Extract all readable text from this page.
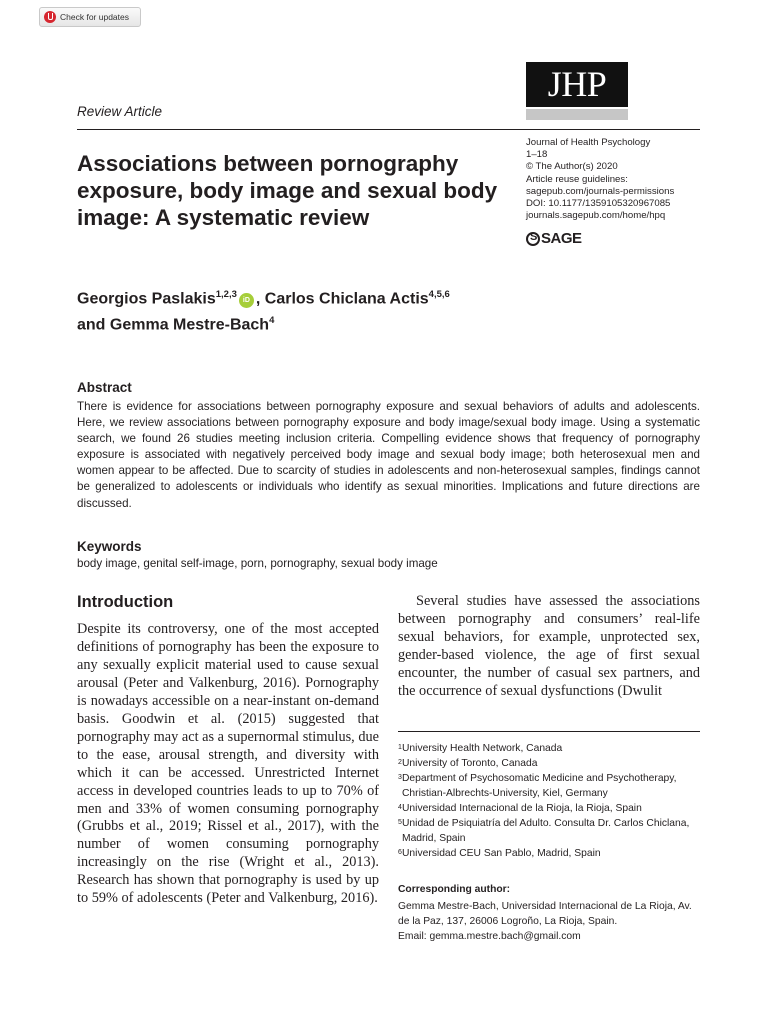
Check for updates
JHP
Review Article
Journal of Health Psychology
1–18
© The Author(s) 2020
Article reuse guidelines:
sagepub.com/journals-permissions
DOI: 10.1177/1359105320967085
journals.sagepub.com/home/hpq
S
SAGE
Associations between pornography exposure, body image and sexual body image: A systematic review
Georgios Paslakis$^{1,2,3}$iD , Carlos Chiclana Actis$^{4,5,6}$
and Gemma Mestre-Bach$^4$
Abstract
There is evidence for associations between pornography exposure and sexual behaviors of adults and adolescents. Here, we review associations between pornography exposure and body image/sexual body image. Using a systematic search, we found 26 studies meeting inclusion criteria. Compelling evidence shows that frequency of pornography exposure is associated with negatively perceived body image and sexual body image; both heterosexual men and women appear to be affected. Due to scarcity of studies in adolescents and non-heterosexual samples, findings cannot be generalized to adolescents or individuals who identify as sexual minorities. Implications and future directions are discussed.
Keywords
body image, genital self-image, porn, pornography, sexual body image
Introduction
Despite its controversy, one of the most accepted definitions of pornography has been the exposure to any sexually explicit material used to cause sexual arousal (Peter and Valkenburg, 2016). Pornography is nowadays accessible on a near-instant on-demand basis. Goodwin et al. (2015) suggested that pornography may act as a supernormal stimulus, due to the ease, arousal strength, and diversity with which it can be accessed. Unrestricted Internet access in developed countries leads to up to 70% of men and 33% of women consuming pornography (Grubbs et al., 2019; Rissel et al., 2017), with the number of women consuming pornography increasingly on the rise (Wright et al., 2013). Research has shown that pornography is used by up to 59% of adolescents (Peter and Valkenburg, 2016).
Several studies have assessed the associations between pornography and consumers’ real-life sexual behaviors, for example, unprotected sex, gender-based violence, the age of first sexual encounter, the number of casual sex partners, and the occurrence of sexual dysfunctions (Dwulit
1 University Health Network, Canada
2 University of Toronto, Canada
3 Department of Psychosomatic Medicine and Psychotherapy, Christian-Albrechts-University, Kiel, Germany
4 Universidad Internacional de la Rioja, la Rioja, Spain
5 Unidad de Psiquiatría del Adulto. Consulta Dr. Carlos Chiclana, Madrid, Spain
6 Universidad CEU San Pablo, Madrid, Spain
Corresponding author:
Gemma Mestre-Bach, Universidad Internacional de La Rioja, Av. de la Paz, 137, 26006 Logroño, La Rioja, Spain.
Email: gemma.mestre.bach@gmail.com
